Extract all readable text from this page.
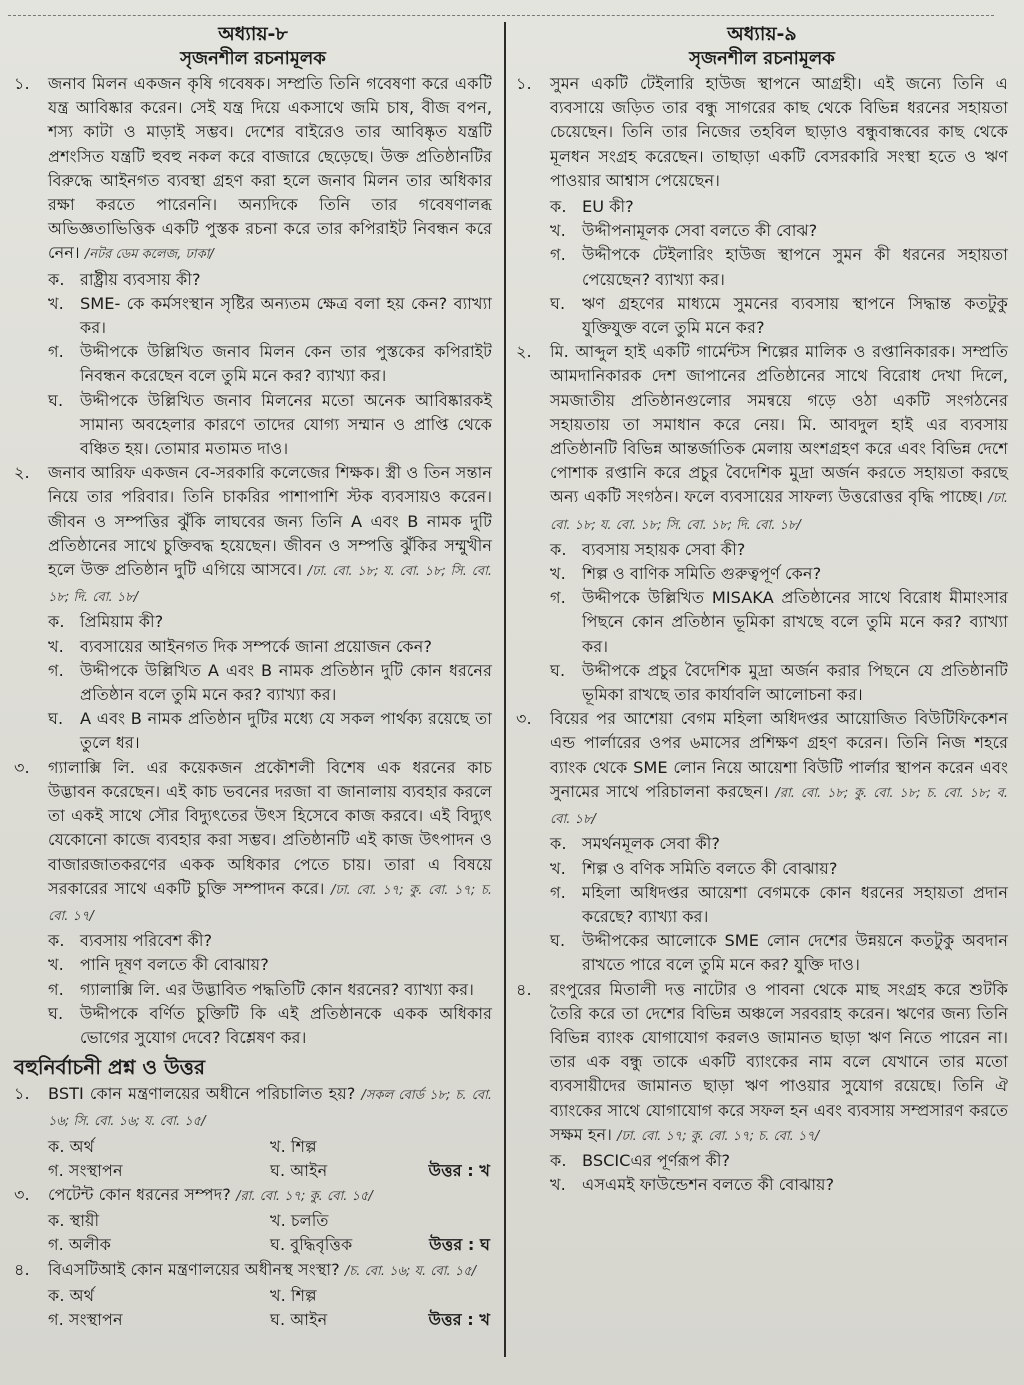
অধ্যায়-৮
সৃজনশীল রচনামূলক
১.	জনাব মিলন একজন কৃষি গবেষক। সম্প্রতি তিনি গবেষণা করে একটি যন্ত্র আবিষ্কার করেন। সেই যন্ত্র দিয়ে একসাথে জমি চাষ, বীজ বপন, শস্য কাটা ও মাড়াই সম্ভব। দেশের বাইরেও তার আবিষ্কৃত যন্ত্রটি প্রশংসিত যন্ত্রটি হুবহু নকল করে বাজারে ছেড়েছে। উক্ত প্রতিষ্ঠানটির বিরুদ্ধে আইনগত ব্যবস্থা গ্রহণ করা হলে জনাব মিলন তার অধিকার রক্ষা করতে পারেননি। অন্যদিকে তিনি তার গবেষণালব্ধ অভিজ্ঞতাভিত্তিক একটি পুস্তক রচনা করে তার কপিরাইট নিবন্ধন করে নেন। /নটর ডেম কলেজ, ঢাকা/
ক. রাষ্ট্রীয় ব্যবসায় কী?
খ.	SME- কে কর্মসংস্থান সৃষ্টির অন্যতম ক্ষেত্র বলা হয় কেন? ব্যাখ্যা কর।
গ.	উদ্দীপকে উল্লিখিত জনাব মিলন কেন তার পুস্তকের কপিরাইট নিবন্ধন করেছেন বলে তুমি মনে কর? ব্যাখ্যা কর।
ঘ.	উদ্দীপকে উল্লিখিত জনাব মিলনের মতো অনেক আবিষ্কারকই সামান্য অবহেলার কারণে তাদের যোগ্য সম্মান ও প্রাপ্তি থেকে বঞ্চিত হয়। তোমার মতামত দাও।
২.	জনাব আরিফ একজন বে-সরকারি কলেজের শিক্ষক। স্ত্রী ও তিন সন্তান নিয়ে তার পরিবার। তিনি চাকরির পাশাপাশি স্টক ব্যবসায়ও করেন। জীবন ও সম্পত্তির ঝুঁকি লাঘবের জন্য তিনি A এবং B নামক দুটি প্রতিষ্ঠানের সাথে চুক্তিবদ্ধ হয়েছেন। জীবন ও সম্পত্তি ঝুঁকির সম্মুখীন হলে উক্ত প্রতিষ্ঠান দুটি এগিয়ে আসবে। /ঢা. বো. ১৮; য. বো. ১৮; সি. বো. ১৮; দি. বো. ১৮/
ক. প্রিমিয়াম কী?
খ.	ব্যবসায়ের আইনগত দিক সম্পর্কে জানা প্রয়োজন কেন?
গ.	উদ্দীপকে উল্লিখিত A এবং B নামক প্রতিষ্ঠান দুটি কোন ধরনের প্রতিষ্ঠান বলে তুমি মনে কর? ব্যাখ্যা কর।
ঘ.	A এবং B নামক প্রতিষ্ঠান দুটির মধ্যে যে সকল পার্থক্য রয়েছে তা তুলে ধর।
৩.	গ্যালাক্সি লি. এর কয়েকজন প্রকৌশলী বিশেষ এক ধরনের কাচ উদ্ভাবন করেছেন। এই কাচ ভবনের দরজা বা জানালায় ব্যবহার করলে তা একই সাথে সৌর বিদ্যুৎতের উৎস হিসেবে কাজ করবে। এই বিদ্যুৎ যেকোনো কাজে ব্যবহার করা সম্ভব। প্রতিষ্ঠানটি এই কাজ উৎপাদন ও বাজারজাতকরণের একক অধিকার পেতে চায়। তারা এ বিষয়ে সরকারের সাথে একটি চুক্তি সম্পাদন করে। /ঢা. বো. ১৭; কু. বো. ১৭; চ. বো. ১৭/
ক. ব্যবসায় পরিবেশ কী?
খ.	পানি দূষণ বলতে কী বোঝায়?
গ.	গ্যালাক্সি লি. এর উদ্ভাবিত পদ্ধতিটি কোন ধরনের? ব্যাখ্যা কর।
ঘ.	উদ্দীপকে বর্ণিত চুক্তিটি কি এই প্রতিষ্ঠানকে একক অধিকার ভোগের সুযোগ দেবে? বিশ্লেষণ কর।
বহুনির্বাচনী প্রশ্ন ও উত্তর
১.	BSTI কোন মন্ত্রণালয়ের অধীনে পরিচালিত হয়? /সকল বোর্ড ১৮; চ. বো. ১৬; সি. বো. ১৬; য. বো. ১৫/
ক. অর্থ	খ. শিল্প
গ. সংস্থাপন	ঘ. আইন	উত্তর : খ
৩.	পেটেন্ট কোন ধরনের সম্পদ? /রা. বো. ১৭; কু. বো. ১৫/
ক. স্থায়ী	খ. চলতি
গ. অলীক	ঘ. বুদ্ধিবৃত্তিক	উত্তর : ঘ
৪.	বিএসটিআই কোন মন্ত্রণালয়ের অধীনস্থ সংস্থা? /চ. বো. ১৬; য. বো. ১৫/
ক. অর্থ	খ. শিল্প
গ. সংস্থাপন	ঘ. আইন	উত্তর : খ
অধ্যায়-৯
সৃজনশীল রচনামূলক
১.	সুমন একটি টেইলারি হাউজ স্থাপনে আগ্রহী। এই জন্যে তিনি এ ব্যবসায়ে জড়িত তার বন্ধু সাগরের কাছ থেকে বিভিন্ন ধরনের সহায়তা চেয়েছেন। তিনি তার নিজের তহবিল ছাড়াও বন্ধুবান্ধবের কাছ থেকে মূলধন সংগ্রহ করেছেন। তাছাড়া একটি বেসরকারি সংস্থা হতে ও ঋণ পাওয়ার আশ্বাস পেয়েছেন।
ক. EU কী?
খ.	উদ্দীপনামূলক সেবা বলতে কী বোঝ?
গ.	উদ্দীপকে টেইলারিং হাউজ স্থাপনে সুমন কী ধরনের সহায়তা পেয়েছেন? ব্যাখ্যা কর।
ঘ.	ঋণ গ্রহণের মাধ্যমে সুমনের ব্যবসায় স্থাপনে সিদ্ধান্ত কতটুকু যুক্তিযুক্ত বলে তুমি মনে কর?
২.	মি. আব্দুল হাই একটি গার্মেন্টস শিল্পের মালিক ও রপ্তানিকারক। সম্প্রতি আমদানিকারক দেশ জাপানের প্রতিষ্ঠানের সাথে বিরোধ দেখা দিলে, সমজাতীয় প্রতিষ্ঠানগুলোর সমন্বয়ে গড়ে ওঠা একটি সংগঠনের সহায়তায় তা সমাধান করে নেয়। মি. আবদুল হাই এর ব্যবসায় প্রতিষ্ঠানটি বিভিন্ন আন্তর্জাতিক মেলায় অংশগ্রহণ করে এবং বিভিন্ন দেশে পোশাক রপ্তানি করে প্রচুর বৈদেশিক মুদ্রা অর্জন করতে সহায়তা করছে অন্য একটি সংগঠন। ফলে ব্যবসায়ের সাফল্য উত্তরোত্তর বৃদ্ধি পাচ্ছে। /ঢা. বো. ১৮; য. বো. ১৮; সি. বো. ১৮; দি. বো. ১৮/
ক. ব্যবসায় সহায়ক সেবা কী?
খ.	শিল্প ও বাণিক সমিতি গুরুত্বপূর্ণ কেন?
গ.	উদ্দীপকে উল্লিখিত MISAKA প্রতিষ্ঠানের সাথে বিরোধ মীমাংসার পিছনে কোন প্রতিষ্ঠান ভূমিকা রাখছে বলে তুমি মনে কর? ব্যাখ্যা কর।
ঘ.	উদ্দীপকে প্রচুর বৈদেশিক মুদ্রা অর্জন করার পিছনে যে প্রতিষ্ঠানটি ভূমিকা রাখছে তার কার্যাবলি আলোচনা কর।
৩.	বিয়ের পর আশেয়া বেগম মহিলা অধিদপ্তর আয়োজিত বিউটিফিকেশন এন্ড পার্লারের ওপর ৬মাসের প্রশিক্ষণ গ্রহণ করেন। তিনি নিজ শহরে ব্যাংক থেকে SME লোন নিয়ে আয়েশা বিউটি পার্লার স্থাপন করেন এবং সুনামের সাথে পরিচালনা করছেন। /রা. বো. ১৮; কু. বো. ১৮; চ. বো. ১৮; ব. বো. ১৮/
ক. সমর্থনমূলক সেবা কী?
খ.	শিল্প ও বণিক সমিতি বলতে কী বোঝায়?
গ.	মহিলা অধিদপ্তর আয়েশা বেগমকে কোন ধরনের সহায়তা প্রদান করেছে? ব্যাখ্যা কর।
ঘ.	উদ্দীপকের আলোকে SME লোন দেশের উন্নয়নে কতটুকু অবদান রাখতে পারে বলে তুমি মনে কর? যুক্তি দাও।
৪.	রংপুরের মিতালী দত্ত নাটোর ও পাবনা থেকে মাছ সংগ্রহ করে শুটকি তৈরি করে তা দেশের বিভিন্ন অঞ্চলে সরবরাহ করেন। ঋণের জন্য তিনি বিভিন্ন ব্যাংক যোগাযোগ করলও জামানত ছাড়া ঋণ নিতে পারেন না। তার এক বন্ধু তাকে একটি ব্যাংকের নাম বলে যেখানে তার মতো ব্যবসায়ীদের জামানত ছাড়া ঋণ পাওয়ার সুযোগ রয়েছে। তিনি ঐ ব্যাংকের সাথে যোগাযোগ করে সফল হন এবং ব্যবসায় সম্প্রসারণ করতে সক্ষম হন। /ঢা. বো. ১৭; কু. বো. ১৭; চ. বো. ১৭/
ক. BSCICএর পূর্ণরূপ কী?
খ.	এসএমই ফাউন্ডেশন বলতে কী বোঝায়?
